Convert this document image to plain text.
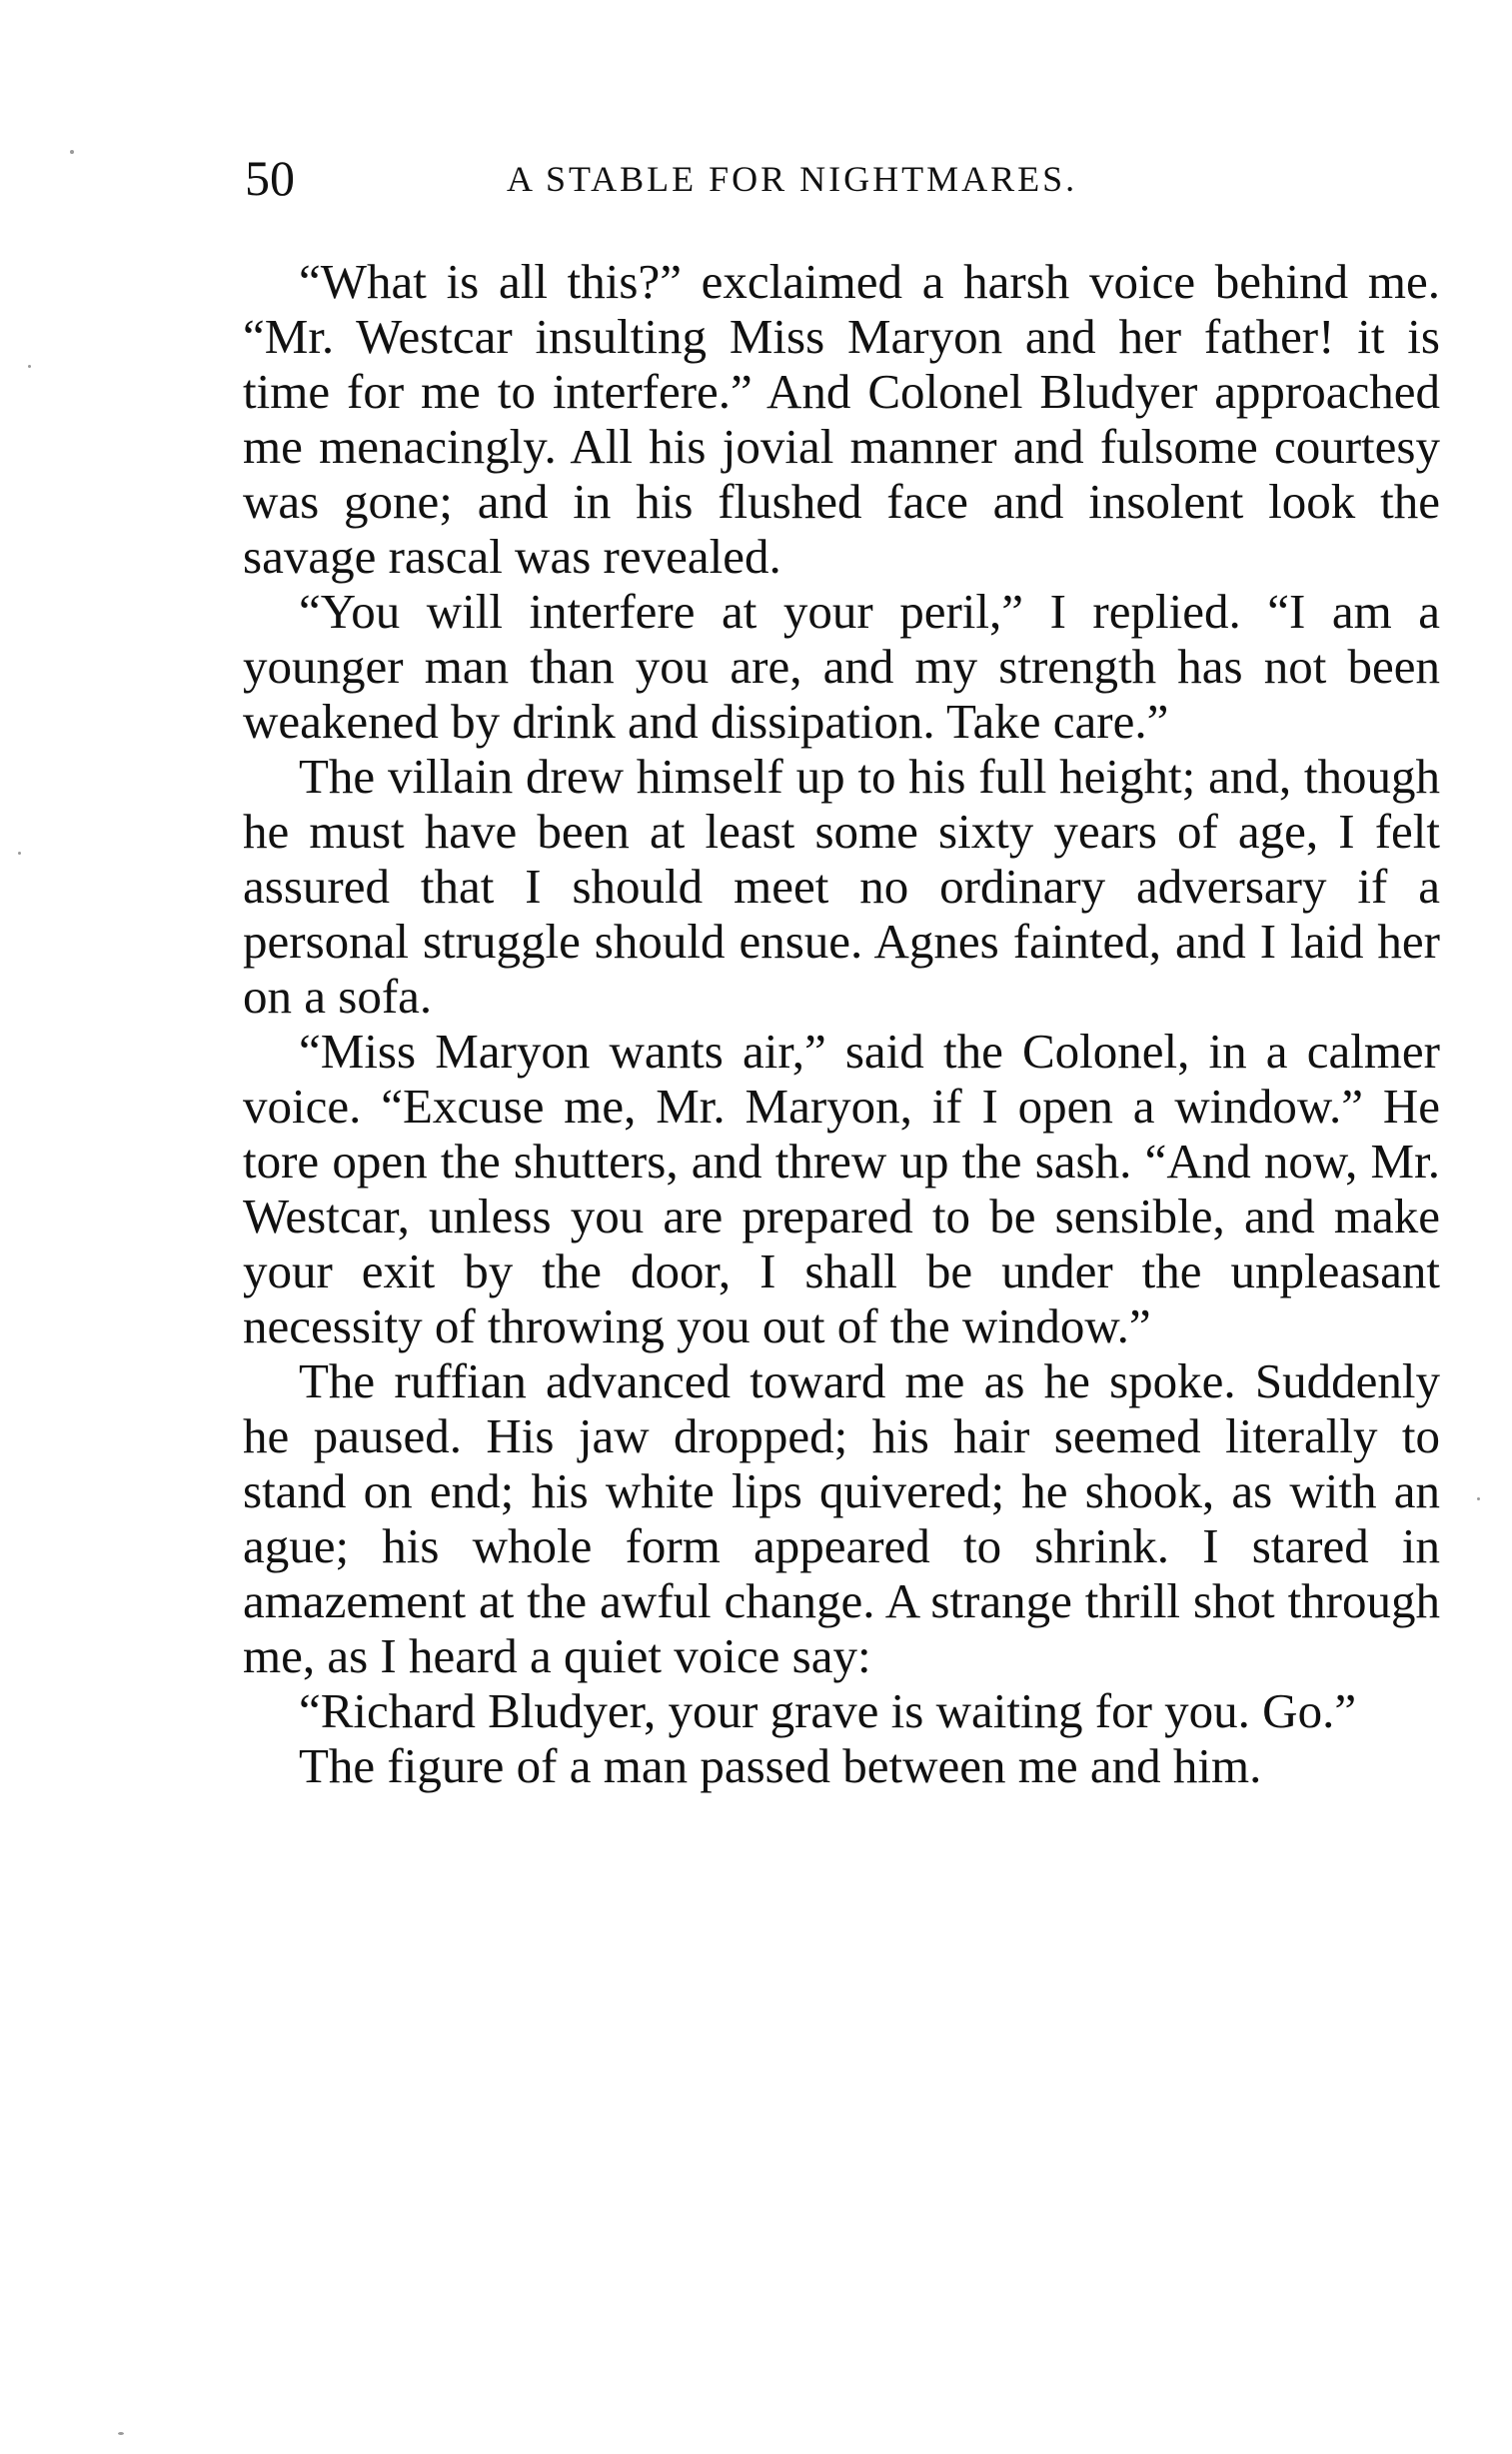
50	A STABLE FOR NIGHTMARES.

“What is all this?” exclaimed a harsh voice behind me. “Mr. Westcar insulting Miss Maryon and her father! it is time for me to interfere.” And Colonel Bludyer approached me menacingly. All his jovial manner and fulsome courtesy was gone; and in his flushed face and insolent look the savage rascal was revealed.

“You will interfere at your peril,” I replied. “I am a younger man than you are, and my strength has not been weakened by drink and dissipation. Take care.”

The villain drew himself up to his full height; and, though he must have been at least some sixty years of age, I felt assured that I should meet no ordinary adversary if a personal struggle should ensue. Agnes fainted, and I laid her on a sofa.

“Miss Maryon wants air,” said the Colonel, in a calmer voice. “Excuse me, Mr. Maryon, if I open a window.” He tore open the shutters, and threw up the sash. “And now, Mr. Westcar, unless you are prepared to be sensible, and make your exit by the door, I shall be under the unpleasant necessity of throwing you out of the window.”

The ruffian advanced toward me as he spoke. Suddenly he paused. His jaw dropped; his hair seemed literally to stand on end; his white lips quivered; he shook, as with an ague; his whole form appeared to shrink. I stared in amazement at the awful change. A strange thrill shot through me, as I heard a quiet voice say:

“Richard Bludyer, your grave is waiting for you. Go.”

The figure of a man passed between me and him.
